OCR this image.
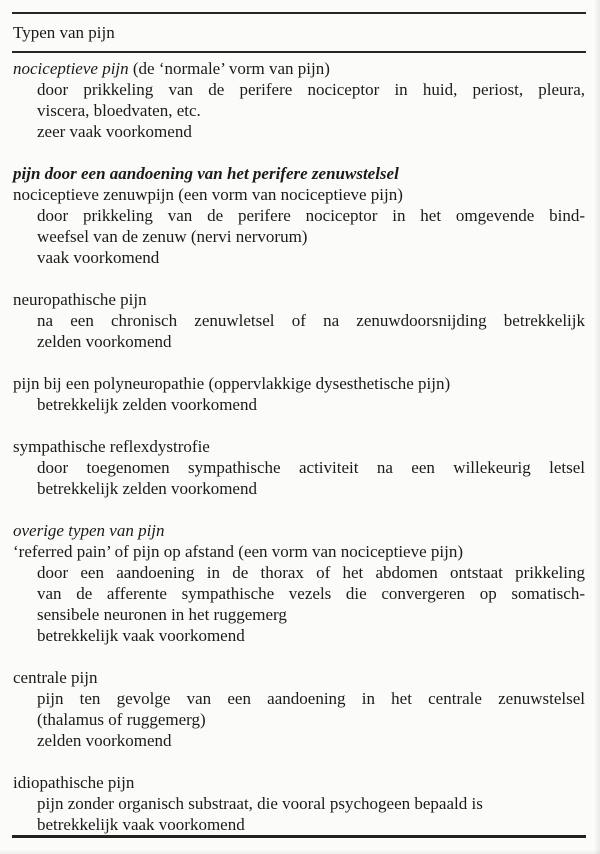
Typen van pijn
nociceptieve pijn (de ‘normale’ vorm van pijn)
door prikkeling van de perifere nociceptor in huid, periost, pleura,
viscera, bloedvaten, etc.
zeer vaak voorkomend
pijn door een aandoening van het perifere zenuwstelsel
nociceptieve zenuwpijn (een vorm van nociceptieve pijn)
door prikkeling van de perifere nociceptor in het omgevende bind-
weefsel van de zenuw (nervi nervorum)
vaak voorkomend
neuropathische pijn
na een chronisch zenuwletsel of na zenuwdoorsnijding betrekkelijk
zelden voorkomend
pijn bij een polyneuropathie (oppervlakkige dysesthetische pijn)
betrekkelijk zelden voorkomend
sympathische reflexdystrofie
door toegenomen sympathische activiteit na een willekeurig letsel
betrekkelijk zelden voorkomend
overige typen van pijn
‘referred pain’ of pijn op afstand (een vorm van nociceptieve pijn)
door een aandoening in de thorax of het abdomen ontstaat prikkeling
van de afferente sympathische vezels die convergeren op somatisch-
sensibele neuronen in het ruggemerg
betrekkelijk vaak voorkomend
centrale pijn
pijn ten gevolge van een aandoening in het centrale zenuwstelsel
(thalamus of ruggemerg)
zelden voorkomend
idiopathische pijn
pijn zonder organisch substraat, die vooral psychogeen bepaald is
betrekkelijk vaak voorkomend
